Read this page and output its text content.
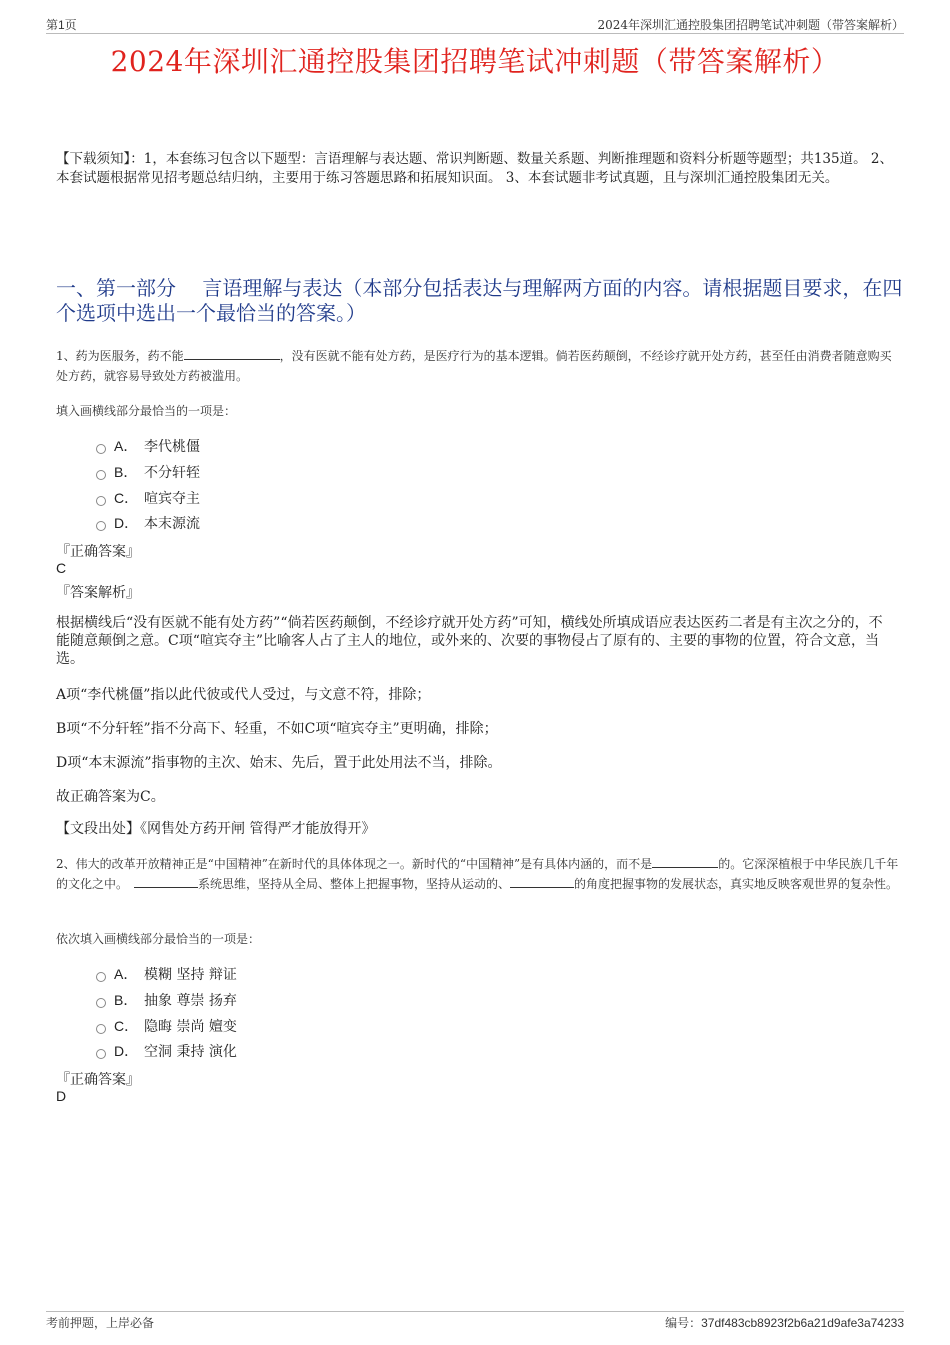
第1页	2024年深圳汇通控股集团招聘笔试冲刺题（带答案解析）
2024年深圳汇通控股集团招聘笔试冲刺题（带答案解析）
【下载须知】：1，本套练习包含以下题型：言语理解与表达题、常识判断题、数量关系题、判断推理题和资料分析题等题型；共135道。 2、本套试题根据常见招考题总结归纳，主要用于练习答题思路和拓展知识面。 3、本套试题非考试真题，且与深圳汇通控股集团无关。
一、第一部分　 言语理解与表达（本部分包括表达与理解两方面的内容。请根据题目要求，在四个选项中选出一个最恰当的答案。）
1、药为医服务，药不能	，没有医就不能有处方药，是医疗行为的基本逻辑。倘若医药颠倒，不经诊疗就开处方药，甚至任由消费者随意购买处方药，就容易导致处方药被滥用。
填入画横线部分最恰当的一项是：
A． 李代桃僵
B． 不分轩轾
C． 喧宾夺主
D． 本末源流
『正确答案』
C
『答案解析』
根据横线后“没有医就不能有处方药”“倘若医药颠倒，不经诊疗就开处方药”可知，横线处所填成语应表达医药二者是有主次之分的，不能随意颠倒之意。C项“喧宾夺主”比喻客人占了主人的地位，或外来的、次要的事物侵占了原有的、主要的事物的位置，符合文意，当选。
A项“李代桃僵”指以此代彼或代人受过，与文意不符，排除；
B项“不分轩轾”指不分高下、轻重，不如C项“喧宾夺主”更明确，排除；
D项“本末源流”指事物的主次、始末、先后，置于此处用法不当，排除。
故正确答案为C。
【文段出处】《网售处方药开闸 管得严才能放得开》
2、伟大的改革开放精神正是“中国精神”在新时代的具体体现之一。新时代的“中国精神”是有具体内涵的，而不是	的。它深深植根于中华民族几千年的文化之中。　	系统思维，坚持从全局、整体上把握事物，坚持从运动的、	的角度把握事物的发展状态，真实地反映客观世界的复杂性。
依次填入画横线部分最恰当的一项是：
A． 模糊 坚持 辩证
B． 抽象 尊崇 扬弃
C． 隐晦 崇尚 嬗变
D． 空洞 秉持 演化
『正确答案』
D
考前押题，上岸必备	编号：37df483cb8923f2b6a21d9afe3a74233
